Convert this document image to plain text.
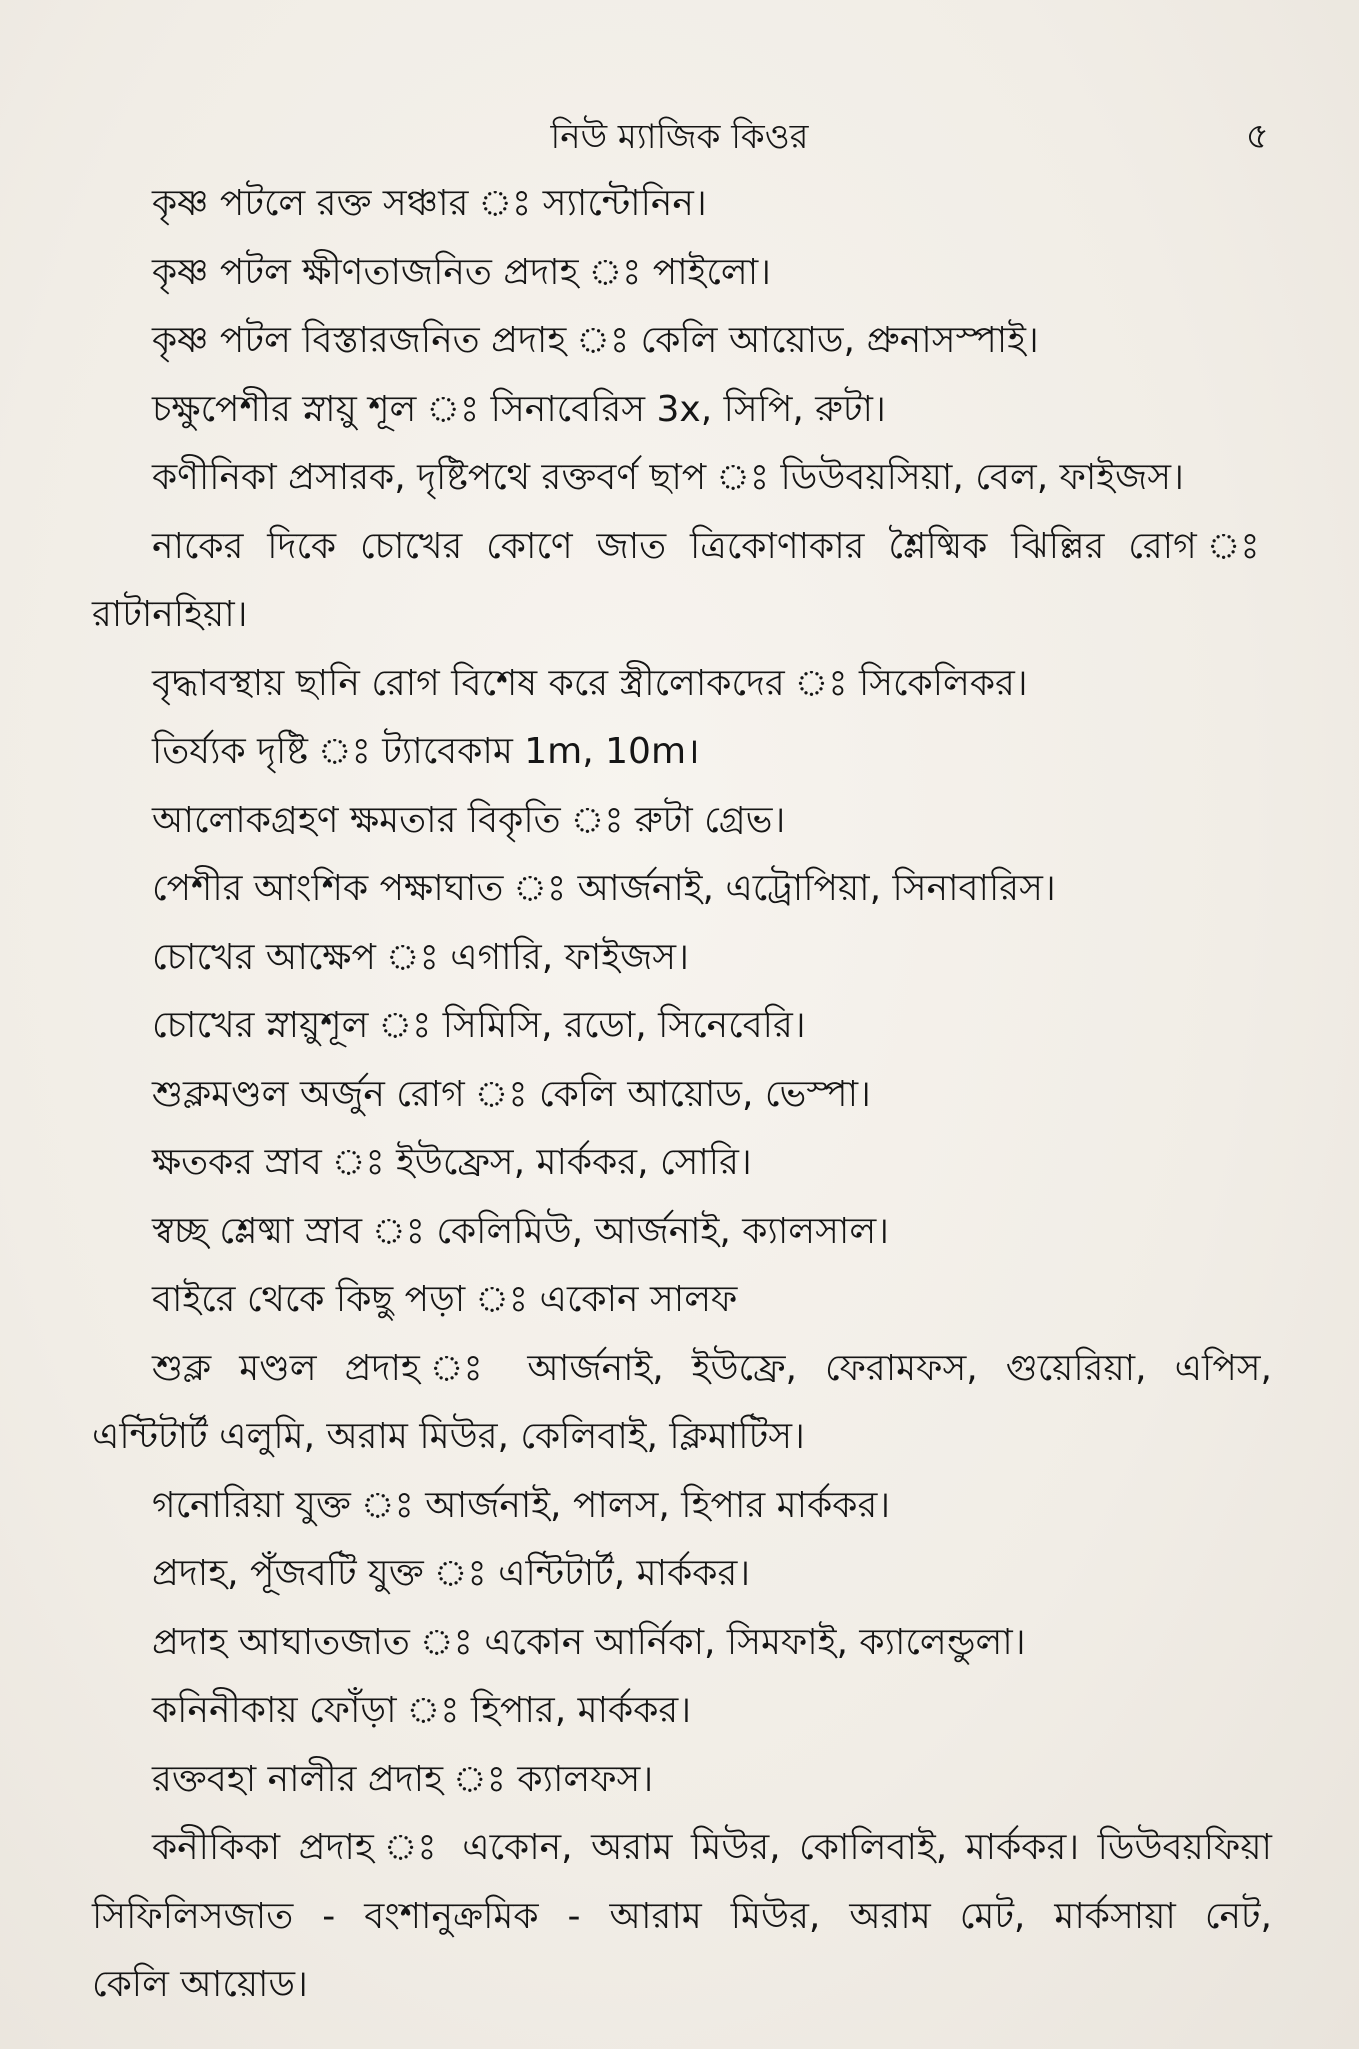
নিউ ম্যাজিক কিওর	৫

কৃষ্ণ পটলে রক্ত সঞ্চার ঃ স্যান্টোনিন।

কৃষ্ণ পটল ক্ষীণতাজনিত প্রদাহ ঃ পাইলো।

কৃষ্ণ পটল বিস্তারজনিত প্রদাহ ঃ কেলি আয়োড, প্রুনাসস্পাই।

চক্ষুপেশীর স্নায়ু শূল ঃ সিনাবেরিস 3x, সিপি, রুটা।

কণীনিকা প্রসারক, দৃষ্টিপথে রক্তবর্ণ ছাপ ঃ ডিউবয়সিয়া, বেল, ফাইজস।

নাকের দিকে চোখের কোণে জাত ত্রিকোণাকার শ্লৈষ্মিক ঝিল্লির রোগ ঃ

রাটানহিয়া।

বৃদ্ধাবস্থায় ছানি রোগ বিশেষ করে স্ত্রীলোকদের ঃ সিকেলিকর।

তির্য্যক দৃষ্টি ঃ ট্যাবেকাম 1m, 10m।

আলোকগ্রহণ ক্ষমতার বিকৃতি ঃ রুটা গ্রেভ।

পেশীর আংশিক পক্ষাঘাত ঃ আর্জনাই, এট্রোপিয়া, সিনাবারিস।

চোখের আক্ষেপ ঃ এগারি, ফাইজস।

চোখের স্নায়ুশূল ঃ সিমিসি, রডো, সিনেবেরি।

শুক্লমণ্ডল অর্জুন রোগ ঃ কেলি আয়োড, ভেস্পা।

ক্ষতকর স্রাব ঃ ইউফ্রেস, মার্ককর, সোরি।

স্বচ্ছ শ্লেষ্মা স্রাব ঃ কেলিমিউ, আর্জনাই, ক্যালসাল।

বাইরে থেকে কিছু পড়া ঃ একোন সালফ

শুক্ল মণ্ডল প্রদাহ ঃ আর্জনাই, ইউফ্রে, ফেরামফস, গুয়েরিয়া, এপিস,

এন্টিটার্ট এলুমি, অরাম মিউর, কেলিবাই, ক্লিমাটিস।

গনোরিয়া যুক্ত ঃ আর্জনাই, পালস, হিপার মার্ককর।

প্রদাহ, পূঁজবটি যুক্ত ঃ এন্টিটার্ট, মার্ককর।

প্রদাহ আঘাতজাত ঃ একোন আর্নিকা, সিমফাই, ক্যালেন্ডুলা।

কনিনীকায় ফোঁড়া ঃ হিপার, মার্ককর।

রক্তবহা নালীর প্রদাহ ঃ ক্যালফস।

কনীকিকা প্রদাহ ঃ একোন, অরাম মিউর, কোলিবাই, মার্ককর। ডিউবয়ফিয়া

সিফিলিসজাত - বংশানুক্রমিক - আরাম মিউর, অরাম মেট, মার্কসায়া নেট,

কেলি আয়োড।
